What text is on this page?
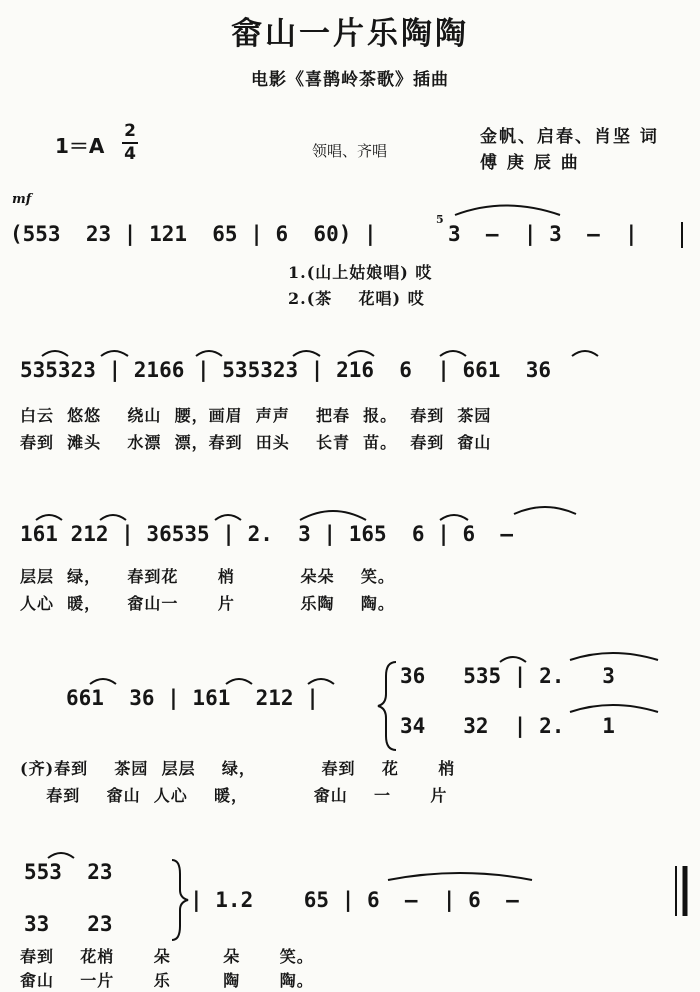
畲山一片乐陶陶
电影《喜鹊岭茶歌》插曲
1＝A
2
4	领唱、齐唱
金帆、启春、肖坚 词
傅 庚 辰 曲
mf
(553  23 | 121  65 | 6  60) |
5
3  —  | 3  —  |
1.(山上姑娘唱) 哎
2.(茶    花唱) 哎
535323 | 2166 | 535323 | 216  6  | 661  36
白云  悠悠    绕山  腰，画眉  声声    把春  报。  春到  茶园
春到  滩头    水漂  漂，春到  田头    长青  苗。  春到  畲山
161 212 | 36535 | 2.  3 | 165  6 | 6  —
层层  绿，    春到花      梢          朵朵    笑。
人心  暖，    畲山一      片          乐陶    陶。
661  36 | 161  212 |
36   535 | 2.   3
34   32  | 2.   1
(齐)春到    茶园  层层    绿，          春到    花      梢
春到    畲山  人心    暖，          畲山    一      片
553  23
33   23
| 1.2    65 | 6  —  | 6  —
春到    花梢      朵        朵      笑。
畲山    一片      乐        陶      陶。
